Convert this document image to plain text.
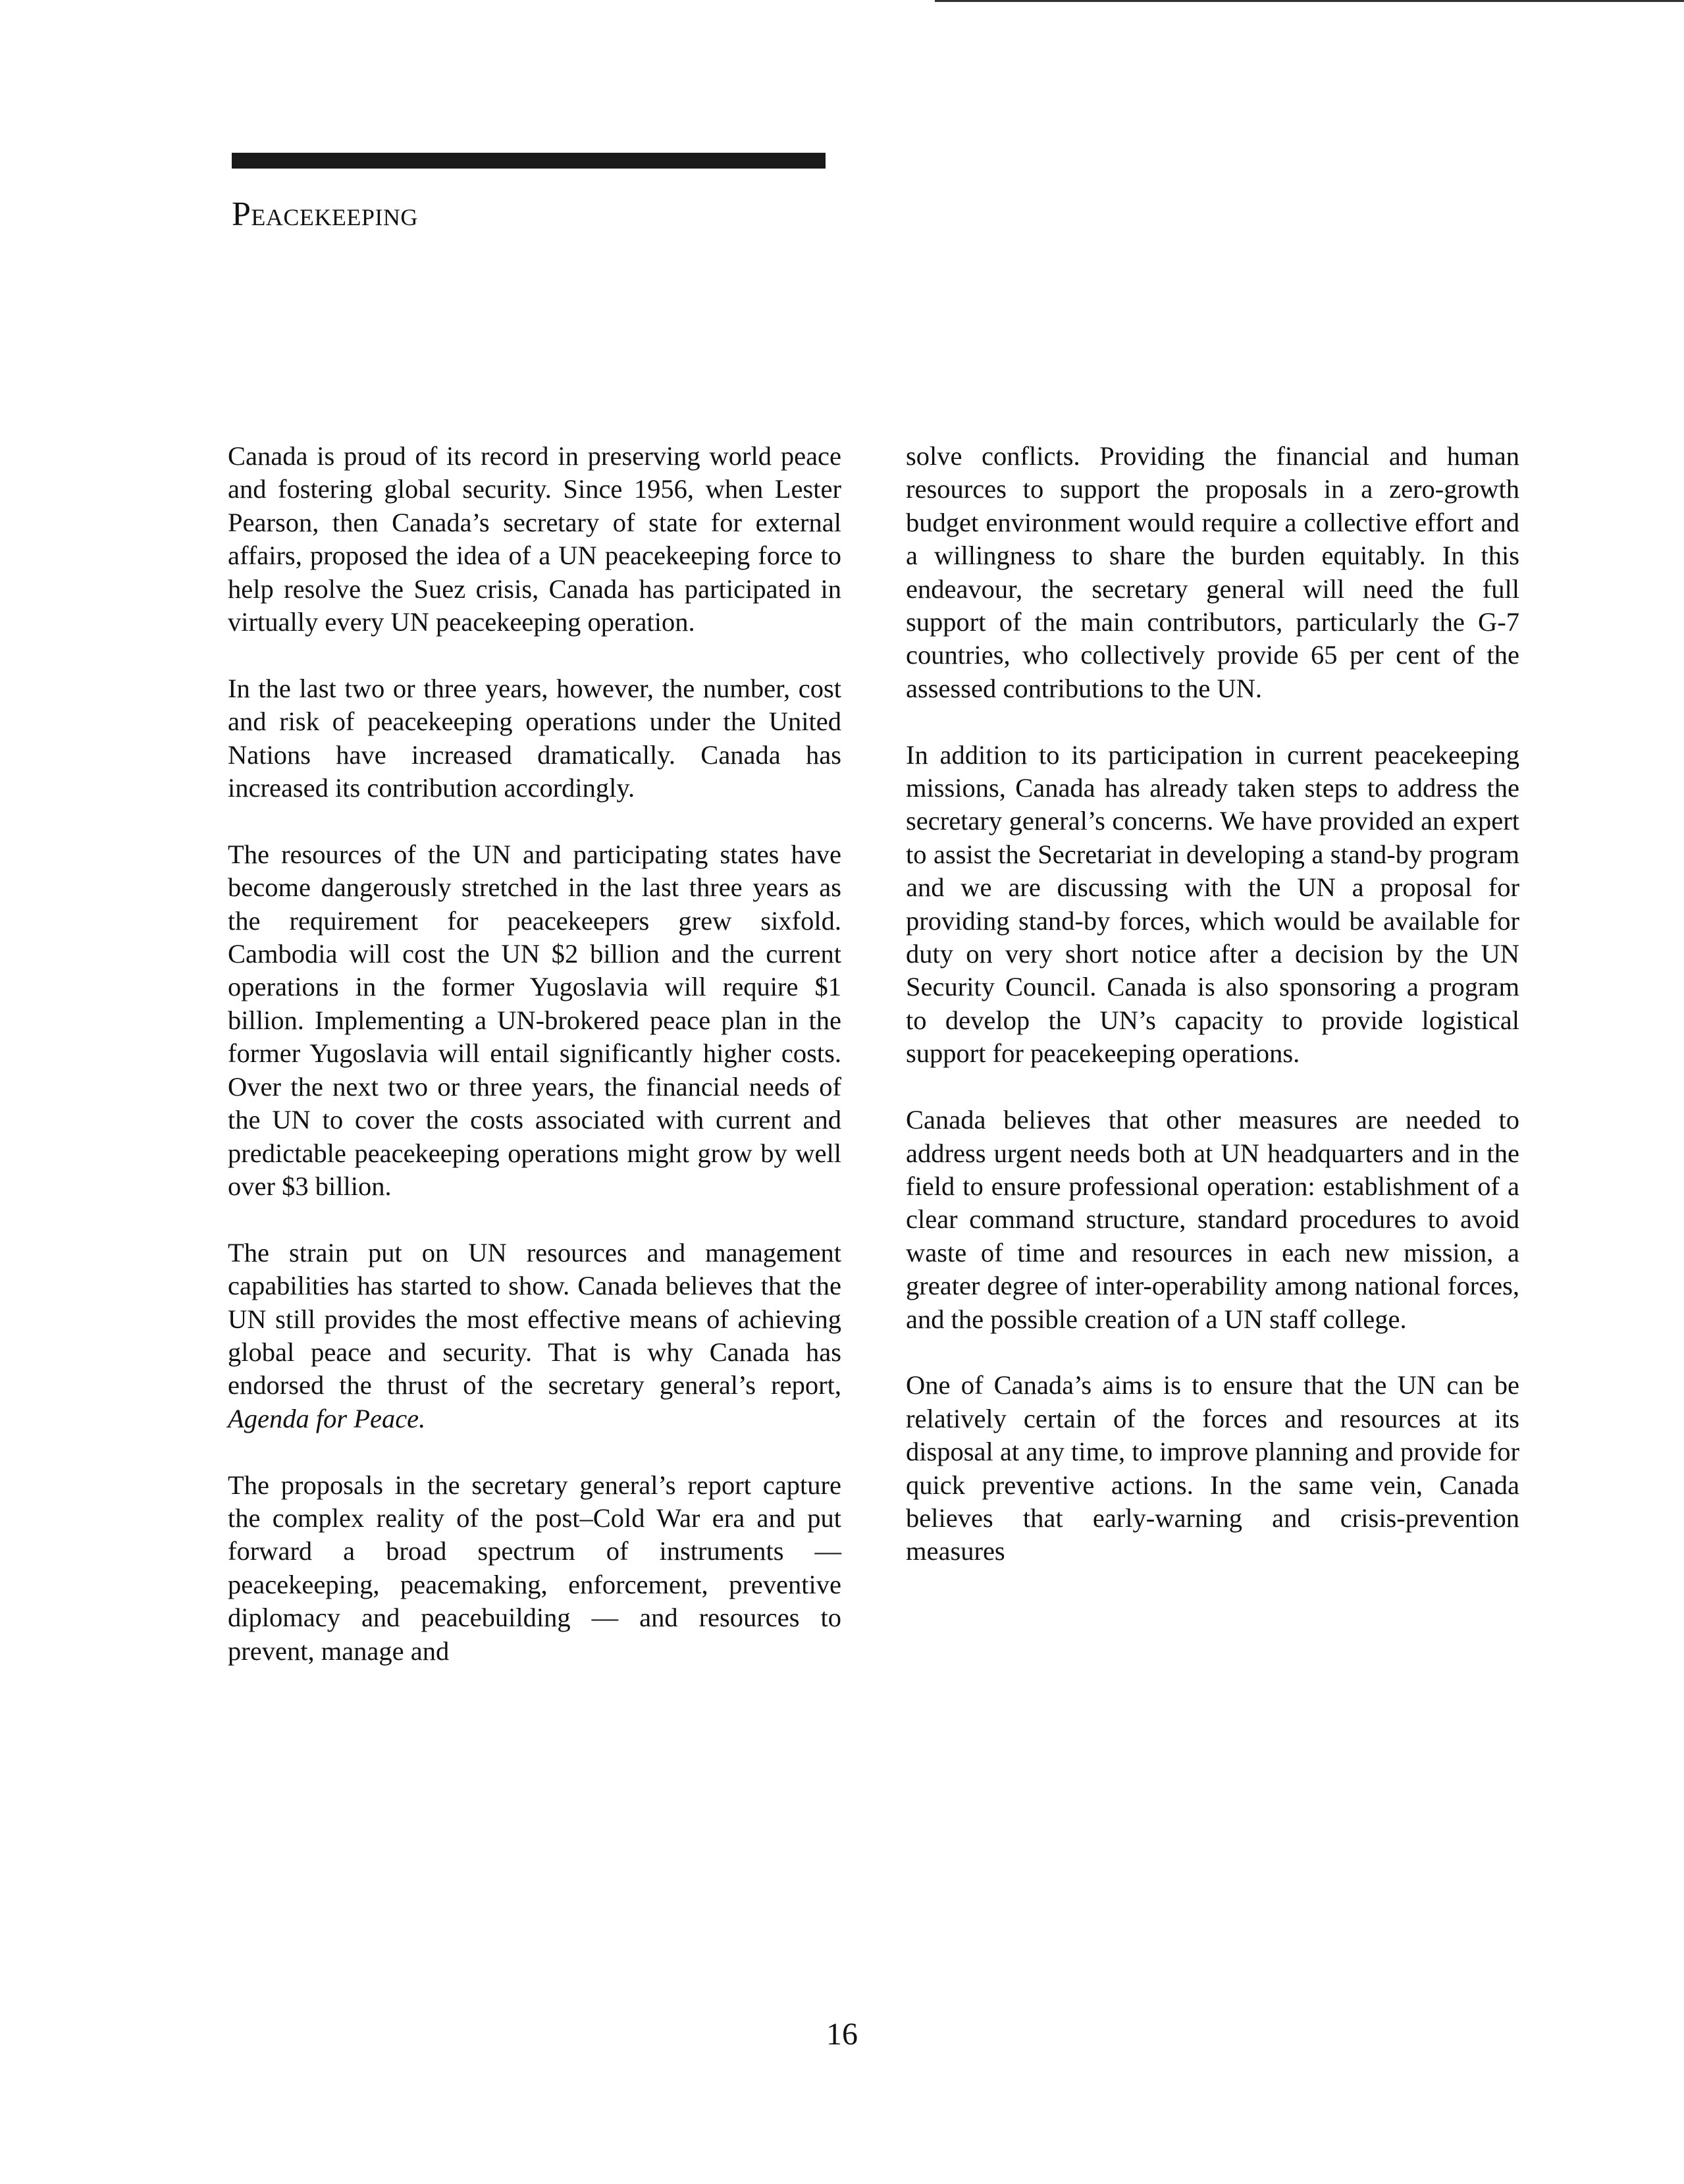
Peacekeeping

Canada is proud of its record in preserving world peace and fostering global security. Since 1956, when Lester Pearson, then Canada’s secretary of state for external affairs, proposed the idea of a UN peacekeeping force to help resolve the Suez crisis, Canada has participated in virtually every UN peacekeeping operation.

In the last two or three years, however, the number, cost and risk of peacekeeping operations under the United Nations have increased dramatically. Canada has increased its contribution accordingly.

The resources of the UN and participating states have become dangerously stretched in the last three years as the requirement for peacekeepers grew sixfold. Cambodia will cost the UN $2 billion and the current operations in the former Yugoslavia will require $1 billion. Implementing a UN-brokered peace plan in the former Yugoslavia will entail significantly higher costs. Over the next two or three years, the financial needs of the UN to cover the costs associated with current and predictable peacekeeping operations might grow by well over $3 billion.

The strain put on UN resources and management capabilities has started to show. Canada believes that the UN still provides the most effective means of achieving global peace and security. That is why Canada has endorsed the thrust of the secretary general’s report, Agenda for Peace.

The proposals in the secretary general’s report capture the complex reality of the post–Cold War era and put forward a broad spectrum of instruments — peacekeeping, peacemaking, enforcement, preventive diplomacy and peacebuilding — and resources to prevent, manage and

solve conflicts. Providing the financial and human resources to support the proposals in a zero-growth budget environment would require a collective effort and a willingness to share the burden equitably. In this endeavour, the secretary general will need the full support of the main contributors, particularly the G-7 countries, who collectively provide 65 per cent of the assessed contributions to the UN.

In addition to its participation in current peacekeeping missions, Canada has already taken steps to address the secretary general’s concerns. We have provided an expert to assist the Secretariat in developing a stand-by program and we are discussing with the UN a proposal for providing stand-by forces, which would be available for duty on very short notice after a decision by the UN Security Council. Canada is also sponsoring a program to develop the UN’s capacity to provide logistical support for peacekeeping operations.

Canada believes that other measures are needed to address urgent needs both at UN headquarters and in the field to ensure professional operation: establishment of a clear command structure, standard procedures to avoid waste of time and resources in each new mission, a greater degree of inter-operability among national forces, and the possible creation of a UN staff college.

One of Canada’s aims is to ensure that the UN can be relatively certain of the forces and resources at its disposal at any time, to improve planning and provide for quick preventive actions. In the same vein, Canada believes that early-warning and crisis-prevention measures

16
